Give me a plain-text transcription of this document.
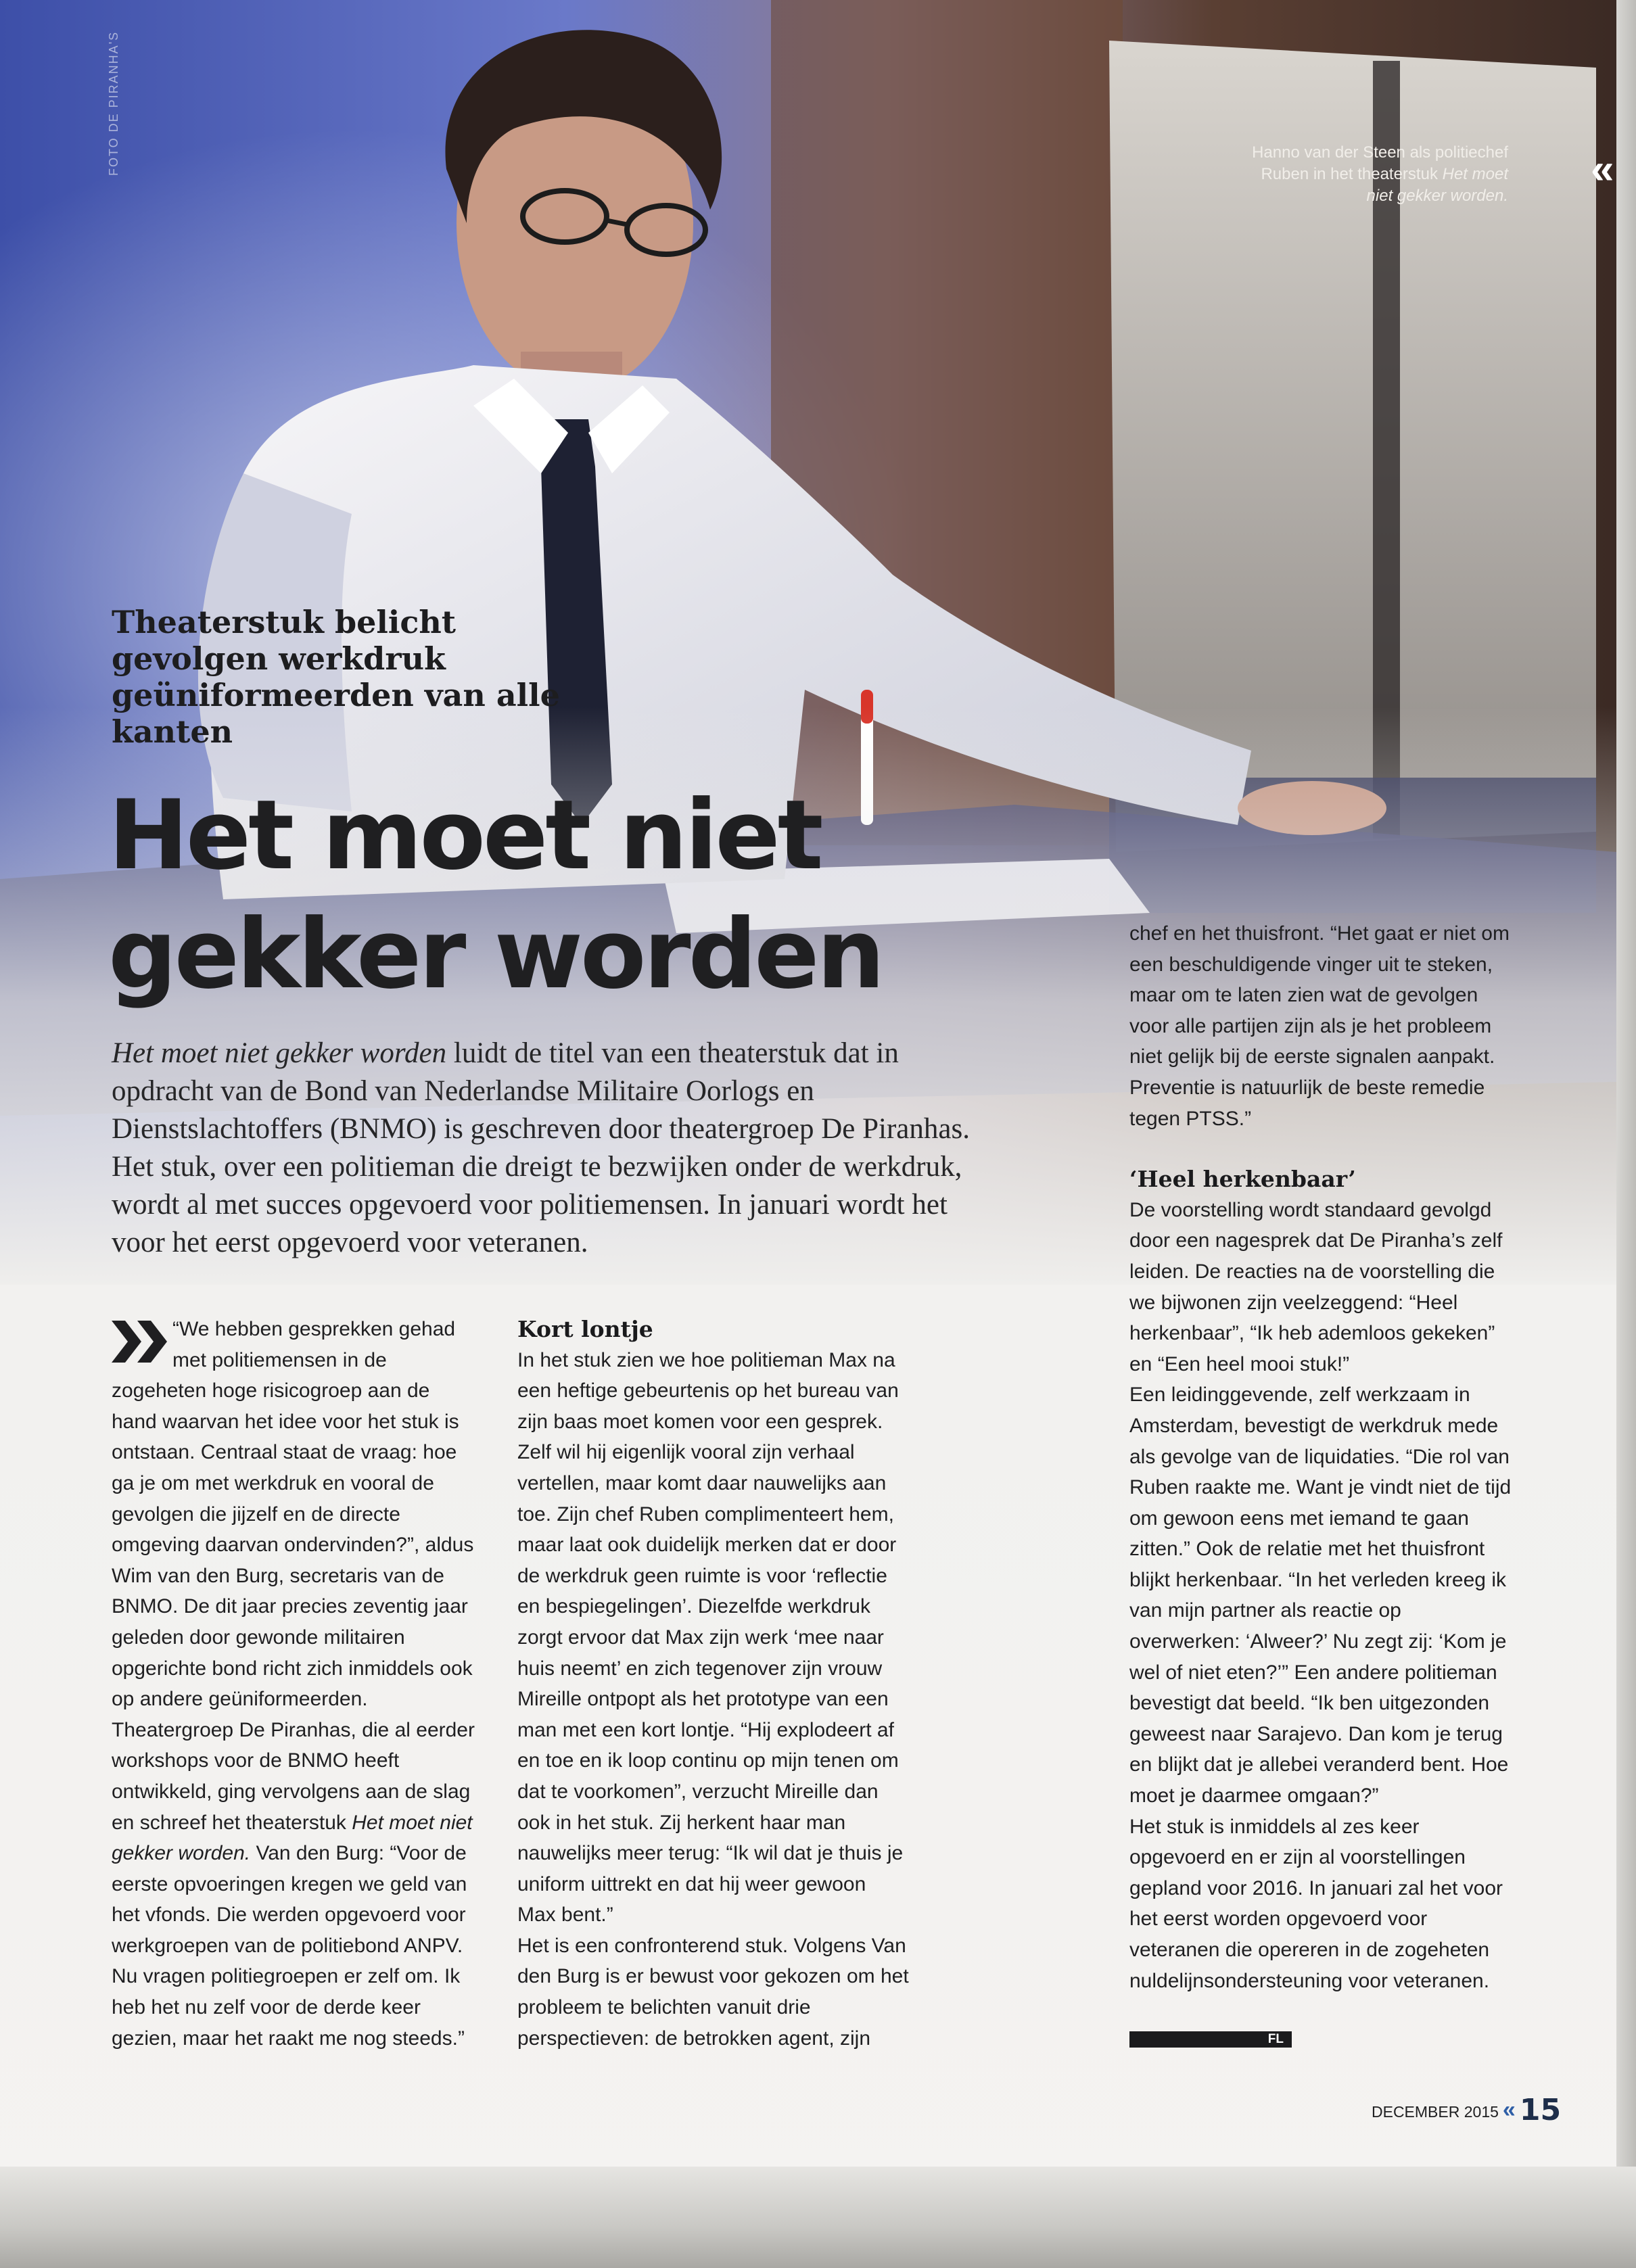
FOTO DE PIRANHA'S	Hanno van der Steen als politiechef Ruben in het theaterstuk Het moet niet gekker worden.
«
Theaterstuk belicht gevolgen werkdruk geüniformeerden van alle kanten
Het moet niet
gekker worden
Het moet niet gekker worden luidt de titel van een theaterstuk dat in opdracht van de Bond van Nederlandse Militaire Oorlogs en Dienstslachtoffers (BNMO) is geschreven door theatergroep De Piranhas. Het stuk, over een politieman die dreigt te bezwijken onder de werkdruk, wordt al met succes opgevoerd voor politiemensen. In januari wordt het voor het eerst opgevoerd voor veteranen.

“We hebben gesprekken gehad met politiemensen in de zogeheten hoge risicogroep aan de hand waarvan het idee voor het stuk is ontstaan. Centraal staat de vraag: hoe ga je om met werkdruk en vooral de gevolgen die jijzelf en de directe omgeving daarvan ondervinden?”, aldus Wim van den Burg, secretaris van de BNMO. De dit jaar precies zeventig jaar geleden door gewonde militairen opgerichte bond richt zich inmiddels ook op andere geüniformeerden.

Theatergroep De Piranhas, die al eerder workshops voor de BNMO heeft ontwikkeld, ging vervolgens aan de slag en schreef het theaterstuk Het moet niet gekker worden. Van den Burg: “Voor de eerste opvoeringen kregen we geld van het vfonds. Die werden opgevoerd voor werkgroepen van de politiebond ANPV. Nu vragen politiegroepen er zelf om. Ik heb het nu zelf voor de derde keer gezien, maar het raakt me nog steeds.”

Kort lontje

In het stuk zien we hoe politieman Max na een heftige gebeurtenis op het bureau van zijn baas moet komen voor een gesprek. Zelf wil hij eigenlijk vooral zijn verhaal vertellen, maar komt daar nauwelijks aan toe. Zijn chef Ruben complimenteert hem, maar laat ook duidelijk merken dat er door de werkdruk geen ruimte is voor ‘reflectie en bespiegelingen’. Diezelfde werkdruk zorgt ervoor dat Max zijn werk ‘mee naar huis neemt’ en zich tegenover zijn vrouw Mireille ontpopt als het prototype van een man met een kort lontje. “Hij explodeert af en toe en ik loop continu op mijn tenen om dat te voorkomen”, verzucht Mireille dan ook in het stuk. Zij herkent haar man nauwelijks meer terug: “Ik wil dat je thuis je uniform uittrekt en dat hij weer gewoon Max bent.”

Het is een confronterend stuk. Volgens Van den Burg is er bewust voor gekozen om het probleem te belichten vanuit drie perspectieven: de betrokken agent, zijn

chef en het thuisfront. “Het gaat er niet om een beschuldigende vinger uit te steken, maar om te laten zien wat de gevolgen voor alle partijen zijn als je het probleem niet gelijk bij de eerste signalen aanpakt. Preventie is natuurlijk de beste remedie tegen PTSS.”

‘Heel herkenbaar’

De voorstelling wordt standaard gevolgd door een nagesprek dat De Piranha’s zelf leiden. De reacties na de voorstelling die we bijwonen zijn veelzeggend: “Heel herkenbaar”, “Ik heb ademloos gekeken” en “Een heel mooi stuk!”

Een leidinggevende, zelf werkzaam in Amsterdam, bevestigt de werkdruk mede als gevolge van de liquidaties. “Die rol van Ruben raakte me. Want je vindt niet de tijd om gewoon eens met iemand te gaan zitten.” Ook de relatie met het thuisfront blijkt herkenbaar. “In het verleden kreeg ik van mijn partner als reactie op overwerken: ‘Alweer?’ Nu zegt zij: ‘Kom je wel of niet eten?’” Een andere politieman bevestigt dat beeld. “Ik ben uitgezonden geweest naar Sarajevo. Dan kom je terug en blijkt dat je allebei veranderd bent. Hoe moet je daarmee omgaan?”

Het stuk is inmiddels al zes keer opgevoerd en er zijn al voorstellingen gepland voor 2016. In januari zal het voor het eerst worden opgevoerd voor veteranen die opereren in de zogeheten nuldelijnsondersteuning voor veteranen.

FL
DECEMBER 2015 « 15
